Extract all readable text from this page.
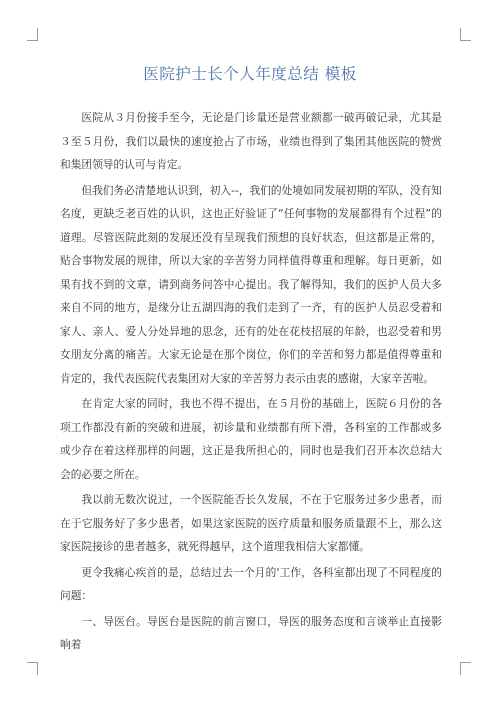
医院护士长个人年度总结 模板

医院从３月份接手至今，无论是门诊量还是营业额都一破再破记录，尤其是３至５月份，我们以最快的速度抢占了市场，业绩也得到了集团其他医院的赞赏和集团领导的认可与肯定。

但我们务必清楚地认识到，初入--，我们的处境如同发展初期的军队，没有知名度，更缺乏老百姓的认识，这也正好验证了“任何事物的发展都得有个过程”的道理。尽管医院此刻的发展还没有呈现我们预想的良好状态，但这都是正常的，贴合事物发展的规律，所以大家的辛苦努力同样值得尊重和理解。每日更新，如果有找不到的文章，请到商务问答中心提出。我了解得知，我们的医护人员大多来自不同的地方，是缘分让五湖四海的我们走到了一齐，有的医护人员忍受着和家人、亲人、爱人分处异地的思念，还有的处在花枝招展的年龄，也忍受着和男女朋友分离的痛苦。大家无论是在那个岗位，你们的辛苦和努力都是值得尊重和肯定的，我代表医院代表集团对大家的辛苦努力表示由衷的感谢，大家辛苦啦。

在肯定大家的同时，我也不得不提出，在５月份的基础上，医院６月份的各项工作都没有新的突破和进展，初诊量和业绩都有所下滑，各科室的工作都或多或少存在着这样那样的问题，这正是我所担心的，同时也是我们召开本次总结大会的必要之所在。

我以前无数次说过，一个医院能否长久发展，不在于它服务过多少患者，而在于它服务好了多少患者，如果这家医院的医疗质量和服务质量跟不上，那么这家医院接诊的患者越多，就死得越早，这个道理我相信大家都懂。

更令我痛心疾首的是，总结过去一个月的'工作，各科室都出现了不同程度的问题：

一、导医台。导医台是医院的前言窗口，导医的服务态度和言谈举止直接影响着
